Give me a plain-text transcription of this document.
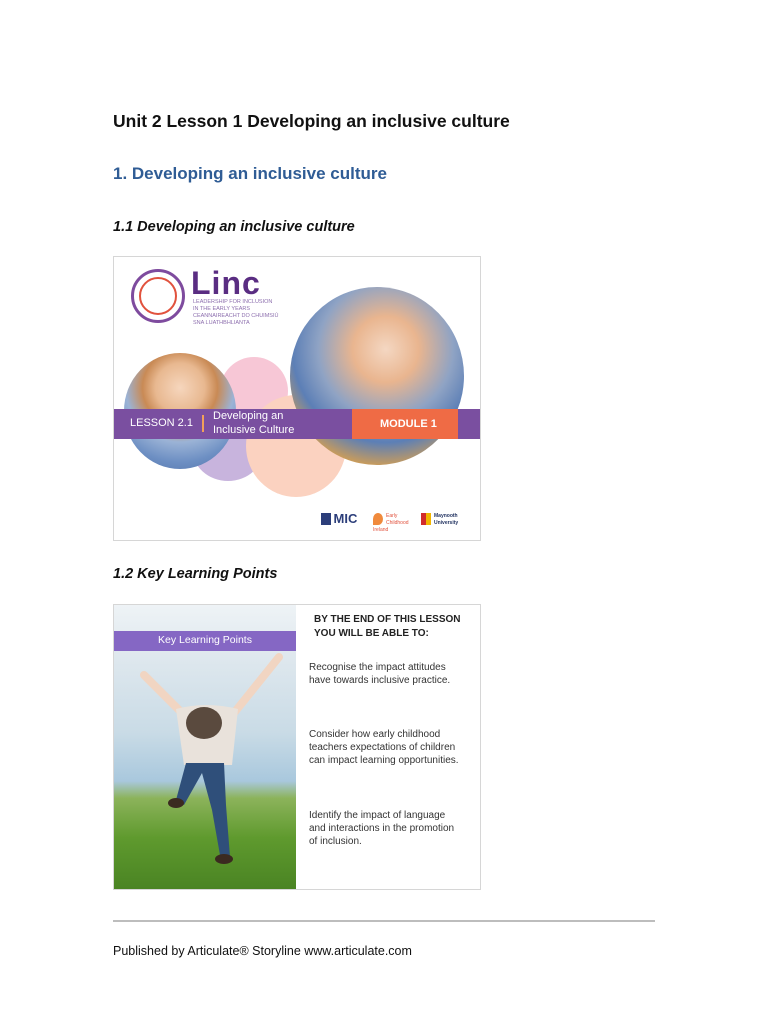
Unit 2 Lesson 1 Developing an inclusive culture
1. Developing an inclusive culture
1.1 Developing an inclusive culture
Linc
LEADERSHIP FOR INCLUSION
IN THE EARLY YEARS
CEANNAIREACHT DO CHUIMSIÚ
SNA LUATHBHLIANTA
LESSON 2.1
Developing an
Inclusive Culture	MODULE 1
MIC	Early Childhood Ireland
Maynooth University
1.2 Key Learning Points
Key Learning Points
BY THE END OF THIS LESSON
YOU WILL BE ABLE TO:
Recognise the impact attitudes
have towards inclusive practice.
Consider how early childhood
teachers expectations of children
can impact learning opportunities.
Identify the impact of language
and interactions in the promotion
of inclusion.
Published by Articulate® Storyline www.articulate.com
